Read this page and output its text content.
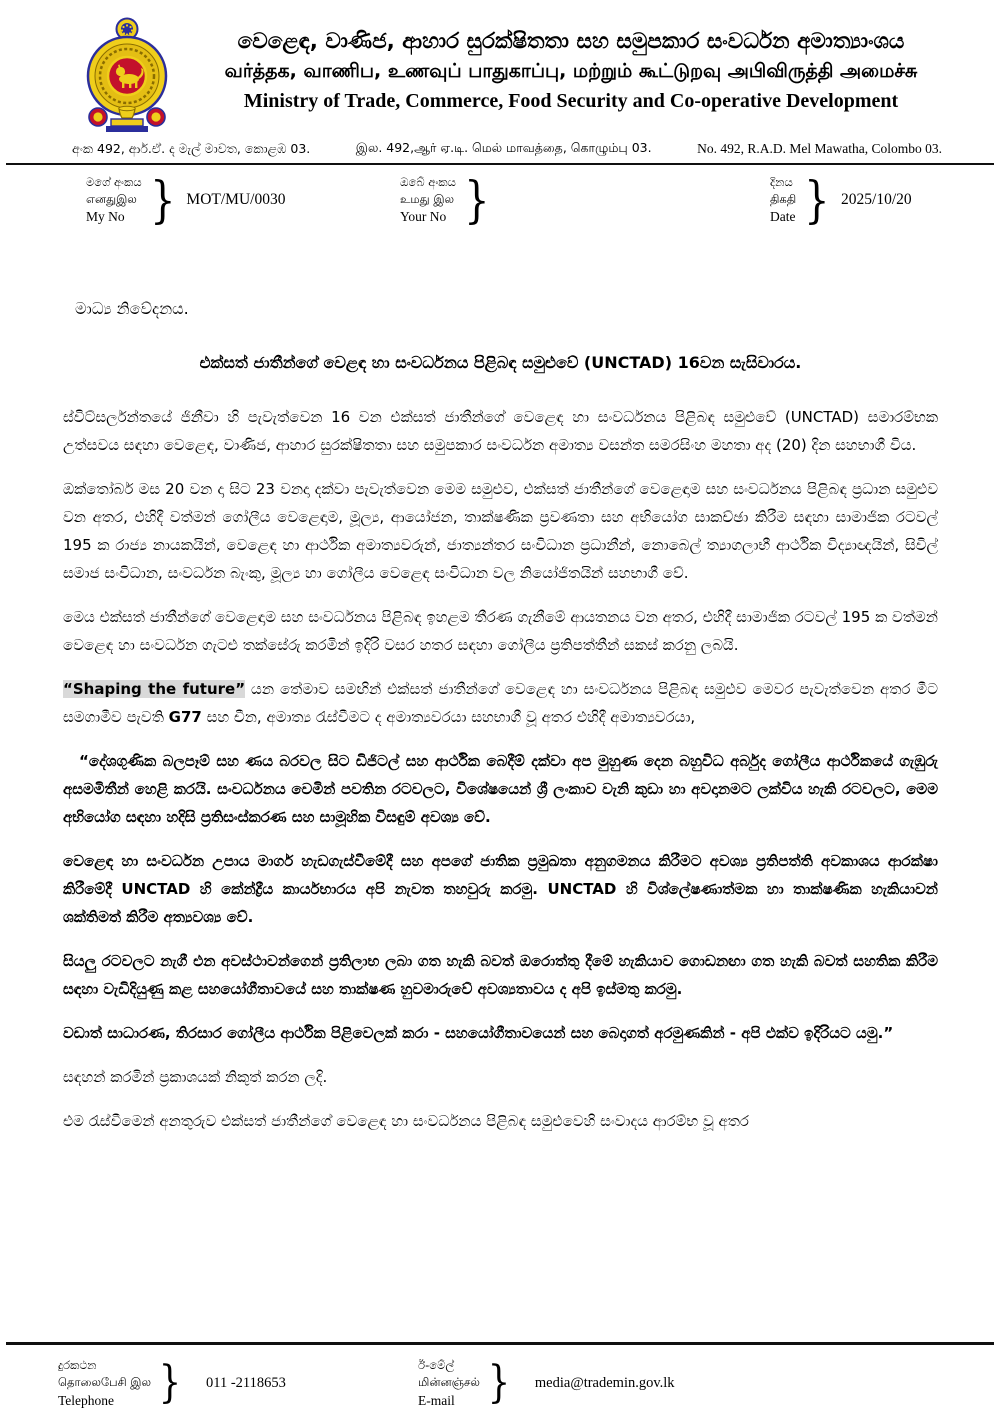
වෙළෙඳ, වාණිජ, ආහාර සුරක්ෂිතතා සහ සමුපකාර සංවර්ධන අමාත්‍යාංශය
வர்த்தக, வாணிப, உணவுப் பாதுகாப்பு, மற்றும் கூட்டுறவு அபிவிருத்தி அமைச்சு
Ministry of Trade, Commerce, Food Security and Co-operative Development
අංක 492, ආර්.ඒ. ද මැල් මාවත, කොළඹ 03.	இல. 492,ஆர் ஏ.டி. மெல் மாவத்தை, கொழும்பு 03.	No. 492, R.A.D. Mel Mawatha, Colombo 03.
මගේ අංකය
எனதுஇல
My No } MOT/MU/0030
ඔබේ අංකය
உமது இல
Your No }	දිනය
திகதி
Date } 2025/10/20
මාධ්‍ය නිවේදනය.
එක්සත් ජාතීන්ගේ වෙළඳ හා සංවර්ධනය පිළිබඳ සමුළුවේ (UNCTAD) 16වන සැසිවාරය.

ස්විට්සර්ලන්තයේ ජිනීවා හි පැවැත්වෙන 16 වන එක්සත් ජාතීන්ගේ වෙළෙඳ හා සංවර්ධනය පිළිබඳ සමුළුවේ (UNCTAD) සමාරම්භක උත්සවය සඳහා වෙළෙඳ, වාණිජ, ආහාර සුරක්ෂිතතා සහ සමුපකාර සංවර්ධන අමාත්‍ය වසන්ත සමරසිංහ මහතා අද (20) දින සහභාගී විය.

ඔක්තෝබර් මස 20 වන දා සිට 23 වනදා දක්වා පැවැත්වෙන මෙම සමුළුව, එක්සත් ජාතීන්ගේ වෙළෙඳාම සහ සංවර්ධනය පිළිබඳ ප්‍රධාන සමුළුව වන අතර, එහිදී වත්මන් ගෝලීය වෙළෙඳාම, මූල්‍ය, ආයෝජන, තාක්ෂණික ප්‍රවණතා සහ අභියෝග සාකච්ඡා කිරීම සඳහා සාමාජික රටවල් 195 ක රාජ්‍ය නායකයින්, වෙළෙඳ හා ආර්ථික අමාත්‍යවරුන්, ජාත්‍යන්තර සංවිධාන ප්‍රධානීන්, නොබෙල් ත්‍යාගලාභී ආර්ථික විද්‍යාඥයින්, සිවිල් සමාජ සංවිධාන, සංවර්ධන බැංකු, මූල්‍ය හා ගෝලීය වෙළෙඳ සංවිධාන වල නියෝජිතයින් සහභාගී වේ.

මෙය එක්සත් ජාතීන්ගේ වෙළෙඳාම සහ සංවර්ධනය පිළිබඳ ඉහළම තීරණ ගැනීමේ ආයතනය වන අතර, එහිදී සාමාජික රටවල් 195 ක වත්මන් වෙළෙඳ හා සංවර්ධන ගැටළු තක්සේරු කරමින් ඉදිරි වසර හතර සඳහා ගෝලීය ප්‍රතිපත්තීන් සකස් කරනු ලබයි.

“Shaping the future” යන තේමාව සමඟින් එක්සත් ජාතීන්ගේ වෙළෙඳ හා සංවර්ධනය පිළිබඳ සමුළුව මෙවර පැවැත්වෙන අතර මීට සමගාමීව පැවති G77 සහ චීන, අමාත්‍ය රැස්වීමට ද අමාත්‍යවරයා සහභාගී වූ අතර එහිදී අමාත්‍යවරයා,

“දේශගුණික බලපෑම් සහ ණය බරවල සිට ඩිජිටල් සහ ආර්ථික බෙදීම් දක්වා අප මුහුණ දෙන බහුවිධ අර්බුද ගෝලීය ආර්ථිකයේ ගැඹුරු අසමමිතීන් හෙළි කරයි. සංවර්ධනය වෙමින් පවතින රටවලට, විශේෂයෙන් ශ්‍රී ලංකාව වැනි කුඩා හා අවදානමට ලක්විය හැකි රටවලට, මෙම අභියෝග සඳහා හදිසි ප්‍රතිසංස්කරණ සහ සාමූහික විසඳුම් අවශ්‍ය වේ.

වෙළෙඳ හා සංවර්ධන උපාය මාර්ග හැඩගැස්වීමේදී සහ අපගේ ජාතික ප්‍රමුඛතා අනුගමනය කිරීමට අවශ්‍ය ප්‍රතිපත්ති අවකාශය ආරක්ෂා කිරීමේදී UNCTAD හි කේන්ද්‍රීය කාර්යභාරය අපි නැවත තහවුරු කරමු. UNCTAD හි විශ්ලේෂණාත්මක හා තාක්ෂණික හැකියාවන් ශක්තිමත් කිරීම අත්‍යවශ්‍ය වේ.

සියලු රටවලට නැගී එන අවස්ථාවන්ගෙන් ප්‍රතිලාභ ලබා ගත හැකි බවත් ඔරොත්තු දීමේ හැකියාව ගොඩනඟා ගත හැකි බවත් සහතික කිරීම සඳහා වැඩිදියුණු කළ සහයෝගීතාවයේ සහ තාක්ෂණ හුවමාරුවේ අවශ්‍යතාවය ද අපි ඉස්මතු කරමු.

වඩාත් සාධාරණ, තිරසාර ගෝලීය ආර්ථික පිළිවෙලක් කරා - සහයෝගීතාවයෙන් සහ බෙදාගත් අරමුණකින් - අපි එක්ව ඉදිරියට යමු.”

සඳහන් කරමින් ප්‍රකාශයක් නිකුත් කරන ලදි.

එම රැස්වීමෙන් අනතුරුව එක්සත් ජාතීන්ගේ වෙළෙඳ හා සංවර්ධනය පිළිබඳ සමුළුවෙහි සංවාදය ආරම්භ වූ අතර

දුරකථන
தொலைபேசி இல
Telephone	} 011 -2118653
ඊ-මේල්
மின்னஞ்சல்
E-mail } media@trademin.gov.lk
